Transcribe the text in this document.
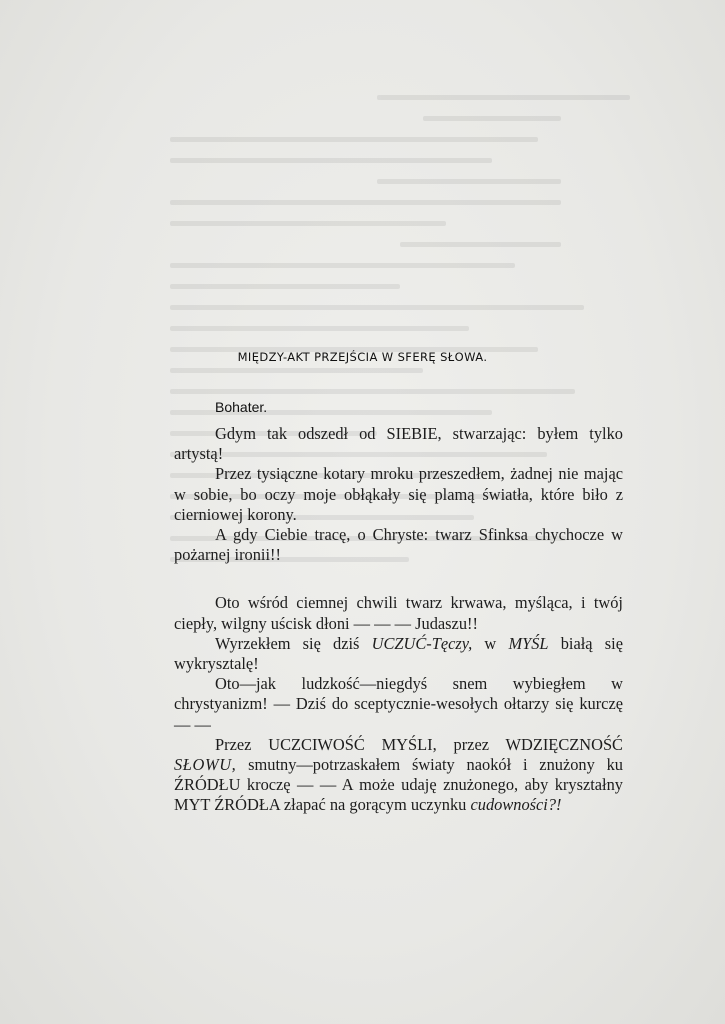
MIĘDZY-AKT PRZEJŚCIA W SFERĘ SŁOWA.
Bohater.

Gdym tak odszedł od SIEBIE, stwarzając: byłem tylko artystą!

Przez tysiączne kotary mroku przeszedłem, żadnej nie mając w sobie, bo oczy moje obłąkały się plamą światła, które biło z cierniowej korony.

A gdy Ciebie tracę, o Chryste: twarz Sfinksa chychocze w pożarnej ironii!!

Oto wśród ciemnej chwili twarz krwawa, myśląca, i twój ciepły, wilgny uścisk dłoni — — — Judaszu!!

Wyrzekłem się dziś UCZUĆ-Tęczy, w MYŚL białą się wykrysztalę!

Oto—jak ludzkość—niegdyś snem wybiegłem w chrystyanizm! — Dziś do sceptycznie-wesołych ołtarzy się kurczę — —

Przez UCZCIWOŚĆ MYŚLI, przez WDZIĘCZNOŚĆ SŁOWU, smutny—potrzaskałem światy naokół i znużony ku ŹRÓDŁU kroczę — — A może udaję znużonego, aby kryształny MYT ŹRÓDŁA złapać na gorącym uczynku cudowności?!
